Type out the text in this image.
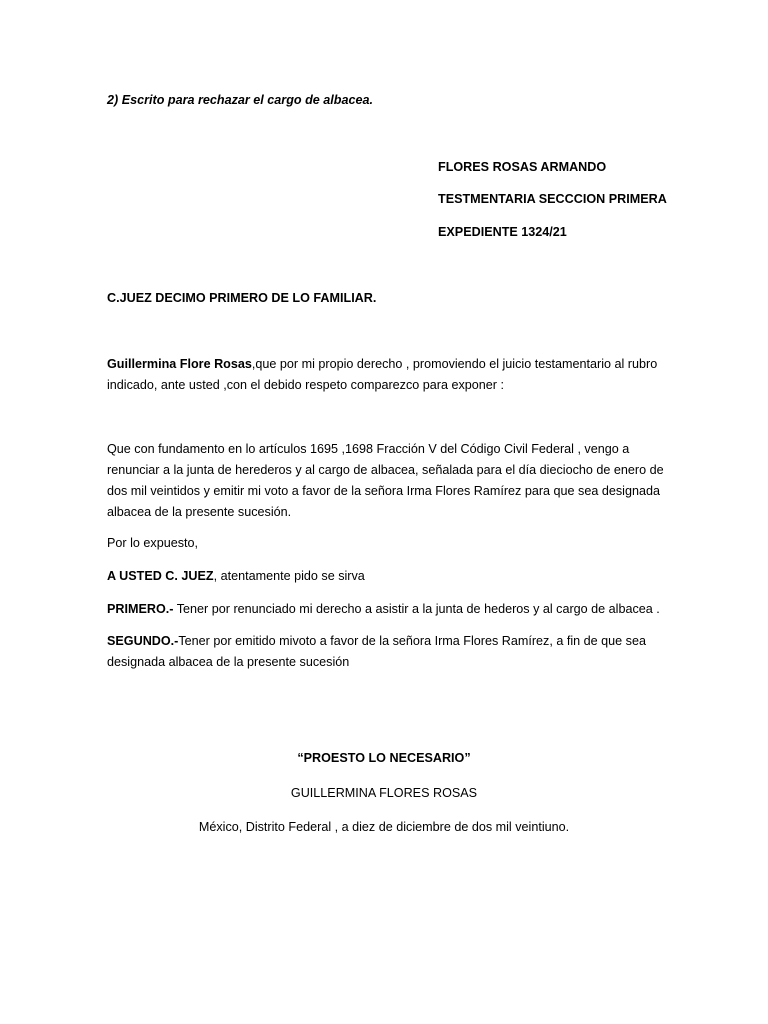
2) Escrito para rechazar el cargo de albacea.
FLORES ROSAS ARMANDO
TESTMENTARIA SECCCION PRIMERA
EXPEDIENTE 1324/21
C.JUEZ DECIMO PRIMERO DE LO FAMILIAR.
Guillermina Flore Rosas,que por mi propio derecho , promoviendo el juicio testamentario al rubro
indicado, ante usted ,con el debido respeto comparezco para exponer :
Que con fundamento en lo artículos 1695 ,1698 Fracción V del Código Civil Federal , vengo a
renunciar a la junta de herederos y al cargo de albacea, señalada para el día dieciocho de enero de
dos mil veintidos y emitir mi voto a favor de la señora Irma Flores Ramírez para que sea designada
albacea de la presente sucesión.
Por lo expuesto,
A USTED C. JUEZ, atentamente pido se sirva
PRIMERO.- Tener por renunciado mi derecho a asistir a la junta de hederos y al cargo de albacea .
SEGUNDO.-Tener por emitido mivoto a favor de la señora Irma Flores Ramírez, a fin de que sea
designada albacea de la presente sucesión
“PROESTO LO NECESARIO”
GUILLERMINA FLORES ROSAS
México, Distrito Federal , a diez de diciembre de dos mil veintiuno.
